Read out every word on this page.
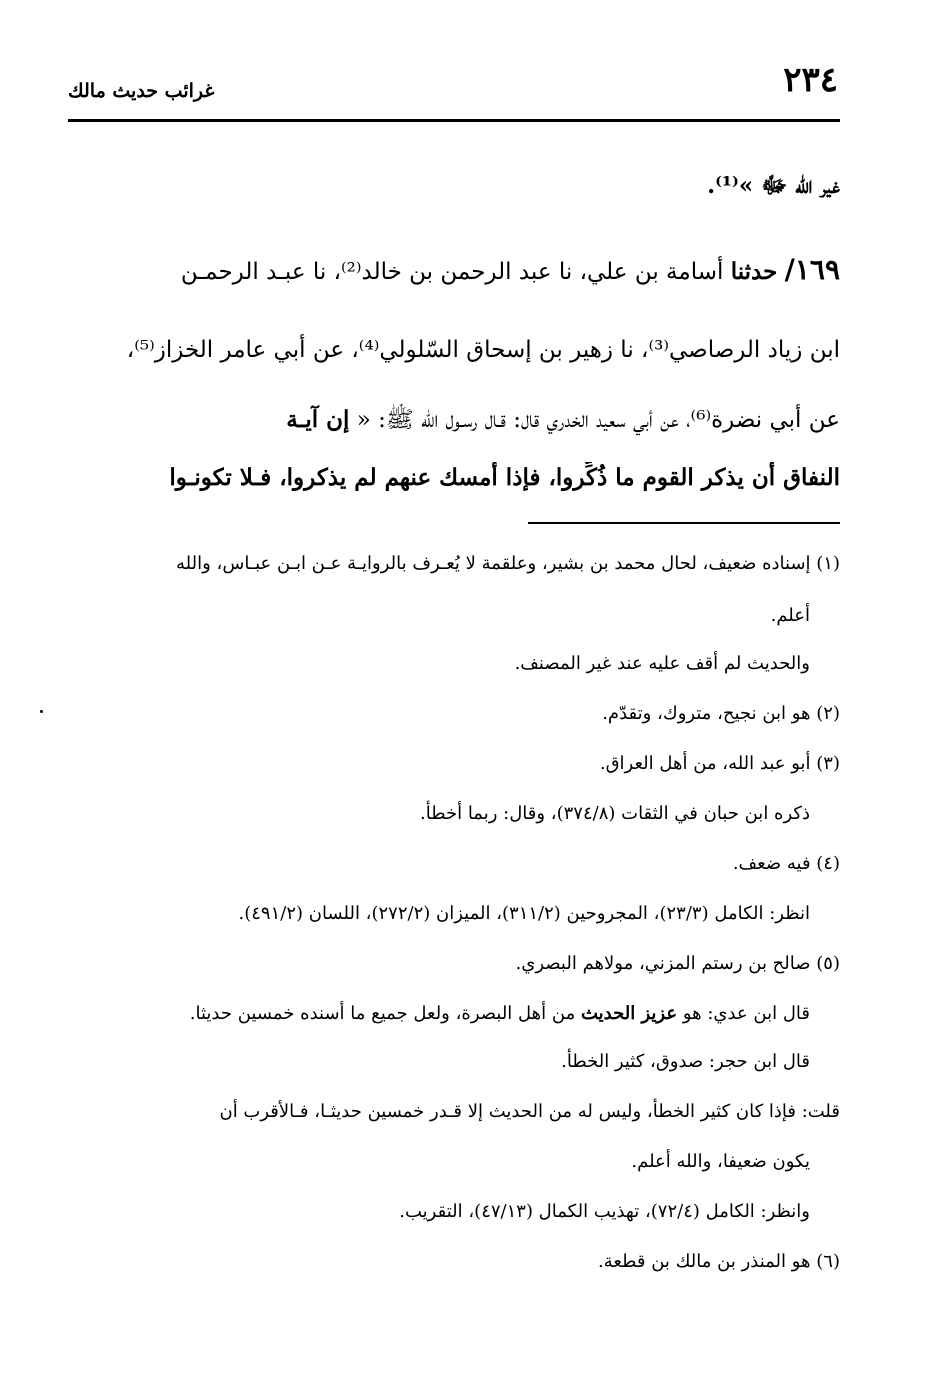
٢٣٤
غرائب حديث مالك

غير الله ﷻ »⁽¹⁾.

١٦٩/ حدثنا أسامة بن علي، نا عبد الرحمن بن خالد⁽²⁾، نا عبـد الرحمـن

ابن زياد الرصاصي⁽³⁾، نا زهير بن إسحاق السّلولي⁽⁴⁾، عن أبي عامر الخزاز⁽⁵⁾،

عن أبي نضرة⁽⁶⁾، عن أبي سعيد الخدري قال: قـال رسـول الله ﷺ: « إن آيـة

النفاق أن يذكر القوم ما ذُكِّروا، فإذا أمسك عنهم لم يذكروا، فـلا تكونـوا

(١) إسناده ضعيف، لحال محمد بن بشير، وعلقمة لا يُعـرف بالروايـة عـن ابـن عبـاس، والله
أعلم.
والحديث لم أقف عليه عند غير المصنف.
(٢) هو ابن نجيح، متروك، وتقدّم.
(٣) أبو عبد الله، من أهل العراق.
ذكره ابن حبان في الثقات (٣٧٤/٨)، وقال: ربما أخطأ.
(٤) فيه ضعف.
انظر: الكامل (٢٣/٣)، المجروحين (٣١١/٢)، الميزان (٢٧٢/٢)، اللسان (٤٩١/٢).
(٥) صالح بن رستم المزني، مولاهم البصري.
قال ابن عدي: هو عزيز الحديث من أهل البصرة، ولعل جميع ما أسنده خمسين حديثا.
قال ابن حجر: صدوق، كثير الخطأ.
قلت: فإذا كان كثير الخطأ، وليس له من الحديث إلا قـدر خمسين حديثـا، فـالأقرب أن
يكون ضعيفا، والله أعلم.
وانظر: الكامل (٧٢/٤)، تهذيب الكمال (٤٧/١٣)، التقريب.
(٦) هو المنذر بن مالك بن قطعة.
